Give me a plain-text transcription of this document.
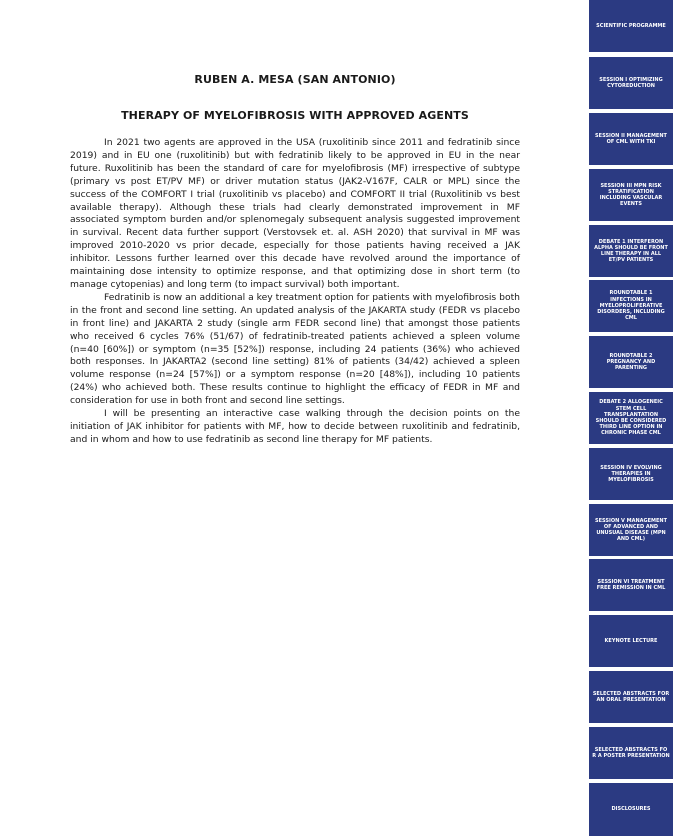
RUBEN A. MESA (SAN ANTONIO)
THERAPY OF MYELOFIBROSIS WITH APPROVED AGENTS

In 2021 two agents are approved in the USA (ruxolitinib since 2011 and fedratinib since 2019) and in EU one (ruxolitinib) but with fedratinib likely to be approved in EU in the near future. Ruxolitinib has been the standard of care for myelofibrosis (MF) irrespective of subtype (primary vs post ET/PV MF) or driver mutation status (JAK2-V167F, CALR or MPL) since the success of the COMFORT I trial (ruxolitinib vs placebo) and COMFORT II trial (Ruxolitinib vs best available therapy). Although these trials had clearly demonstrated improvement in MF associated symptom burden and/or splenomegaly subsequent analysis suggested improvement in survival. Recent data further support (Verstovsek et. al. ASH 2020) that survival in MF was improved 2010-2020 vs prior decade, especially for those patients having received a JAK inhibitor. Lessons further learned over this decade have revolved around the importance of maintaining dose intensity to optimize response, and that optimizing dose in short term (to manage cytopenias) and long term (to impact survival) both important.

Fedratinib is now an additional a key treatment option for patients with myelofibrosis both in the front and second line setting. An updated analysis of the JAKARTA study (FEDR vs placebo in front line) and JAKARTA 2 study (single arm FEDR second line) that amongst those patients who received 6 cycles 76% (51/67) of fedratinib-treated patients achieved a spleen volume (n=40 [60%]) or symptom (n=35 [52%]) response, including 24 patients (36%) who achieved both responses. In JAKARTA2 (second line setting) 81% of patients (34/42) achieved a spleen volume response (n=24 [57%]) or a symptom response (n=20 [48%]), including 10 patients (24%) who achieved both. These results continue to highlight the efficacy of FEDR in MF and consideration for use in both front and second line settings.

I will be presenting an interactive case walking through the decision points on the initiation of JAK inhibitor for patients with MF, how to decide between ruxolitinib and fedratinib, and in whom and how to use fedratinib as second line therapy for MF patients.

SCIENTIFIC PROGRAMME
SESSION I OPTIMIZING CYTOREDUCTION
SESSION II MANAGEMENT OF CML WITH TKI
SESSION III MPN RISK STRATIFICATION INCLUDING VASCULAR EVENTS
DEBATE 1 INTERFERON ALPHA SHOULD BE FRONT LINE THERAPY IN ALL ET/PV PATIENTS
ROUNDTABLE 1 INFECTIONS IN MYELOPROLIFERATIVE DISORDERS, INCLUDING CML
ROUNDTABLE 2 PREGNANCY AND PARENTING
DEBATE 2 ALLOGENEIC STEM CELL TRANSPLANTATION SHOULD BE CONSIDERED THIRD LINE OPTION IN CHRONIC PHASE CML
SESSION IV EVOLVING THERAPIES IN MYELOFIBROSIS
SESSION V MANAGEMENT OF ADVANCED AND UNUSUAL DISEASE (MPN AND CML)
SESSION VI TREATMENT FREE REMISSION IN CML
KEYNOTE LECTURE
SELECTED ABSTRACTS FOR AN ORAL PRESENTATION
SELECTED ABSTRACTS FO R A POSTER PRESENTATION
DISCLOSURES
